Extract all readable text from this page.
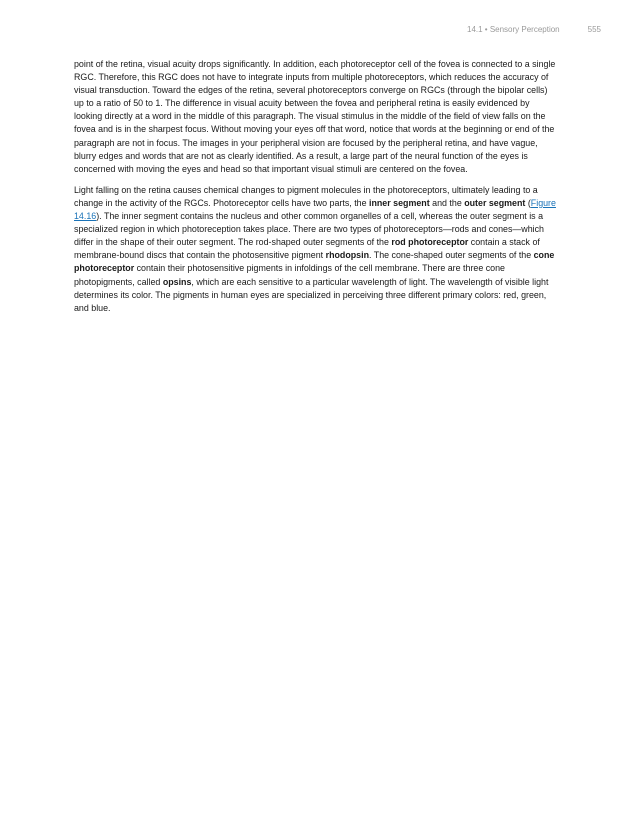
14.1 • Sensory Perception	555

point of the retina, visual acuity drops significantly. In addition, each photoreceptor cell of the fovea is connected to a single RGC. Therefore, this RGC does not have to integrate inputs from multiple photoreceptors, which reduces the accuracy of visual transduction. Toward the edges of the retina, several photoreceptors converge on RGCs (through the bipolar cells) up to a ratio of 50 to 1. The difference in visual acuity between the fovea and peripheral retina is easily evidenced by looking directly at a word in the middle of this paragraph. The visual stimulus in the middle of the field of view falls on the fovea and is in the sharpest focus. Without moving your eyes off that word, notice that words at the beginning or end of the paragraph are not in focus. The images in your peripheral vision are focused by the peripheral retina, and have vague, blurry edges and words that are not as clearly identified. As a result, a large part of the neural function of the eyes is concerned with moving the eyes and head so that important visual stimuli are centered on the fovea.

Light falling on the retina causes chemical changes to pigment molecules in the photoreceptors, ultimately leading to a change in the activity of the RGCs. Photoreceptor cells have two parts, the inner segment and the outer segment (Figure 14.16). The inner segment contains the nucleus and other common organelles of a cell, whereas the outer segment is a specialized region in which photoreception takes place. There are two types of photoreceptors—rods and cones—which differ in the shape of their outer segment. The rod-shaped outer segments of the rod photoreceptor contain a stack of membrane-bound discs that contain the photosensitive pigment rhodopsin. The cone-shaped outer segments of the cone photoreceptor contain their photosensitive pigments in infoldings of the cell membrane. There are three cone photopigments, called opsins, which are each sensitive to a particular wavelength of light. The wavelength of visible light determines its color. The pigments in human eyes are specialized in perceiving three different primary colors: red, green, and blue.
